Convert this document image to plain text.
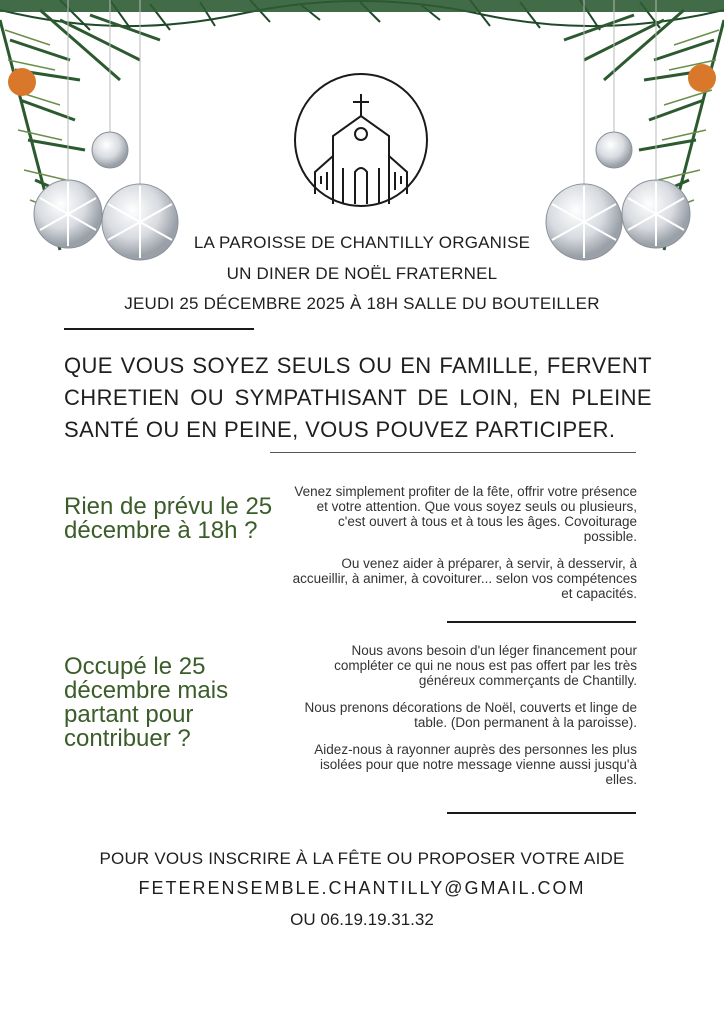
LA PAROISSE DE CHANTILLY ORGANISE
UN DINER DE NOËL FRATERNEL
JEUDI 25 DÉCEMBRE 2025 À 18H SALLE DU BOUTEILLER
QUE VOUS SOYEZ SEULS OU EN FAMILLE, FERVENT CHRETIEN OU SYMPATHISANT DE LOIN, EN PLEINE SANTÉ OU EN PEINE, VOUS POUVEZ PARTICIPER.
Rien de prévu le 25 décembre à 18h ?

Venez simplement profiter de la fête, offrir votre présence et votre attention. Que vous soyez seuls ou plusieurs, c'est ouvert à tous et à tous les âges. Covoiturage possible.

Ou venez aider à préparer, à servir, à desservir, à accueillir, à animer, à covoiturer... selon vos compétences et capacités.

Occupé le 25 décembre mais partant pour contribuer ?

Nous avons besoin d'un léger financement pour compléter ce qui ne nous est pas offert par les très généreux commerçants de Chantilly.

Nous prenons décorations de Noël, couverts et linge de table. (Don permanent à la paroisse).

Aidez-nous à rayonner auprès des personnes les plus isolées pour que notre message vienne aussi jusqu'à elles.

POUR VOUS INSCRIRE À LA FÊTE OU PROPOSER VOTRE AIDE
FETERENSEMBLE.CHANTILLY@GMAIL.COM
OU 06.19.19.31.32
